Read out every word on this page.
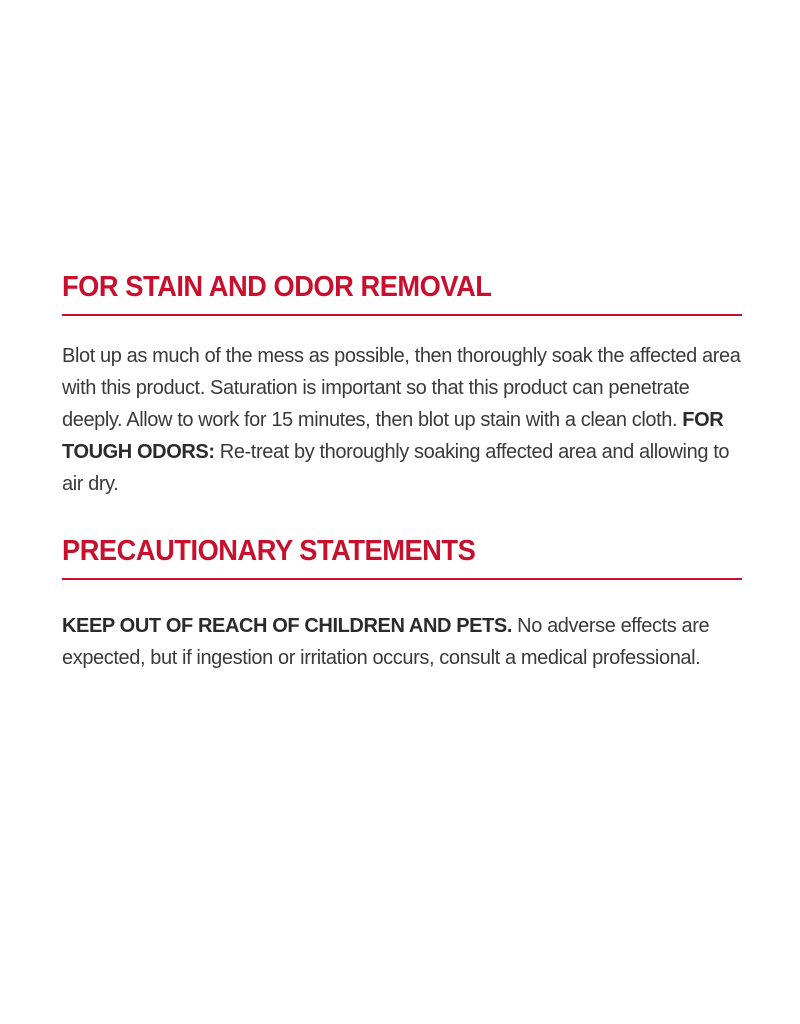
FOR STAIN AND ODOR REMOVAL

Blot up as much of the mess as possible, then thoroughly soak the affected area with this product. Saturation is important so that this product can penetrate deeply. Allow to work for 15 minutes, then blot up stain with a clean cloth. FOR TOUGH ODORS: Re-treat by thoroughly soaking affected area and allowing to air dry.

PRECAUTIONARY STATEMENTS

KEEP OUT OF REACH OF CHILDREN AND PETS. No adverse effects are expected, but if ingestion or irritation occurs, consult a medical professional.
